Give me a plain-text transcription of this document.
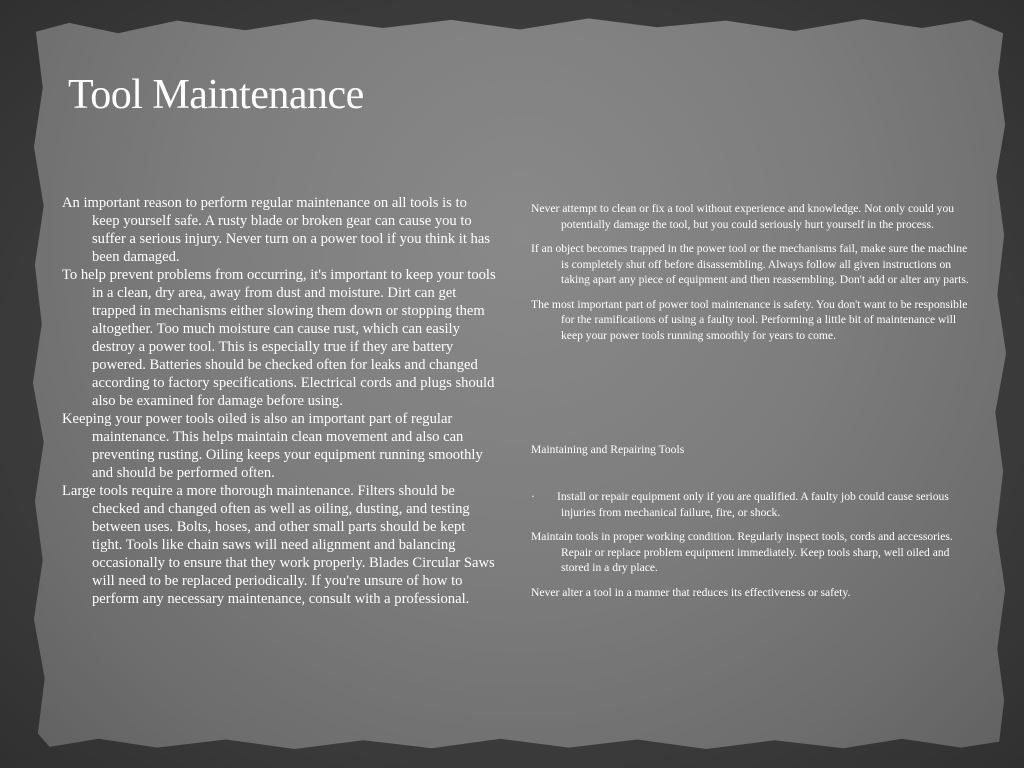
Tool Maintenance

An important reason to perform regular maintenance on all tools is to keep yourself safe. A rusty blade or broken gear can cause you to suffer a serious injury. Never turn on a power tool if you think it has been damaged.

To help prevent problems from occurring, it's important to keep your tools in a clean, dry area, away from dust and moisture. Dirt can get trapped in mechanisms either slowing them down or stopping them altogether. Too much moisture can cause rust, which can easily destroy a power tool. This is especially true if they are battery powered. Batteries should be checked often for leaks and changed according to factory specifications. Electrical cords and plugs should also be examined for damage before using.

Keeping your power tools oiled is also an important part of regular maintenance. This helps maintain clean movement and also can preventing rusting. Oiling keeps your equipment running smoothly and should be performed often.

Large tools require a more thorough maintenance. Filters should be checked and changed often as well as oiling, dusting, and testing between uses. Bolts, hoses, and other small parts should be kept tight. Tools like chain saws will need alignment and balancing occasionally to ensure that they work properly. Blades Circular Saws will need to be replaced periodically. If you're unsure of how to perform any necessary maintenance, consult with a professional.

Never attempt to clean or fix a tool without experience and knowledge. Not only could you potentially damage the tool, but you could seriously hurt yourself in the process.

If an object becomes trapped in the power tool or the mechanisms fail, make sure the machine is completely shut off before disassembling. Always follow all given instructions on taking apart any piece of equipment and then reassembling. Don't add or alter any parts.

The most important part of power tool maintenance is safety. You don't want to be responsible for the ramifications of using a faulty tool. Performing a little bit of maintenance will keep your power tools running smoothly for years to come.

Maintaining and Repairing Tools

· Install or repair equipment only if you are qualified. A faulty job could cause serious injuries from mechanical failure, fire, or shock.

Maintain tools in proper working condition. Regularly inspect tools, cords and accessories. Repair or replace problem equipment immediately. Keep tools sharp, well oiled and stored in a dry place.

Never alter a tool in a manner that reduces its effectiveness or safety.
